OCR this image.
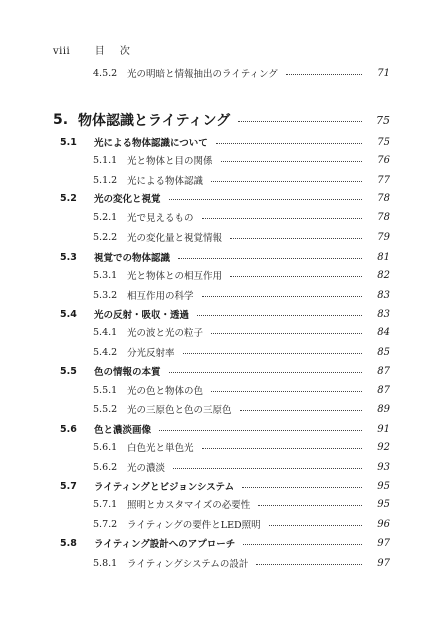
viii 目 次
4.5.2	光の明暗と情報抽出のライティング	71
5. 物体認識とライティング	75
5.1	光による物体認識について	75
5.1.1	光と物体と目の関係	76
5.1.2	光による物体認識	77
5.2	光の変化と視覚	78
5.2.1	光で見えるもの	78
5.2.2	光の変化量と視覚情報	79
5.3	視覚での物体認識	81
5.3.1	光と物体との相互作用	82
5.3.2	相互作用の科学	83
5.4	光の反射・吸収・透過	83
5.4.1	光の波と光の粒子	84
5.4.2	分光反射率	85
5.5	色の情報の本質	87
5.5.1	光の色と物体の色	87
5.5.2	光の三原色と色の三原色	89
5.6	色と濃淡画像	91
5.6.1	白色光と単色光	92
5.6.2	光の濃淡	93
5.7	ライティングとビジョンシステム	95
5.7.1	照明とカスタマイズの必要性	95
5.7.2	ライティングの要件とLED照明	96
5.8	ライティング設計へのアプローチ	97
5.8.1	ライティングシステムの設計	97
